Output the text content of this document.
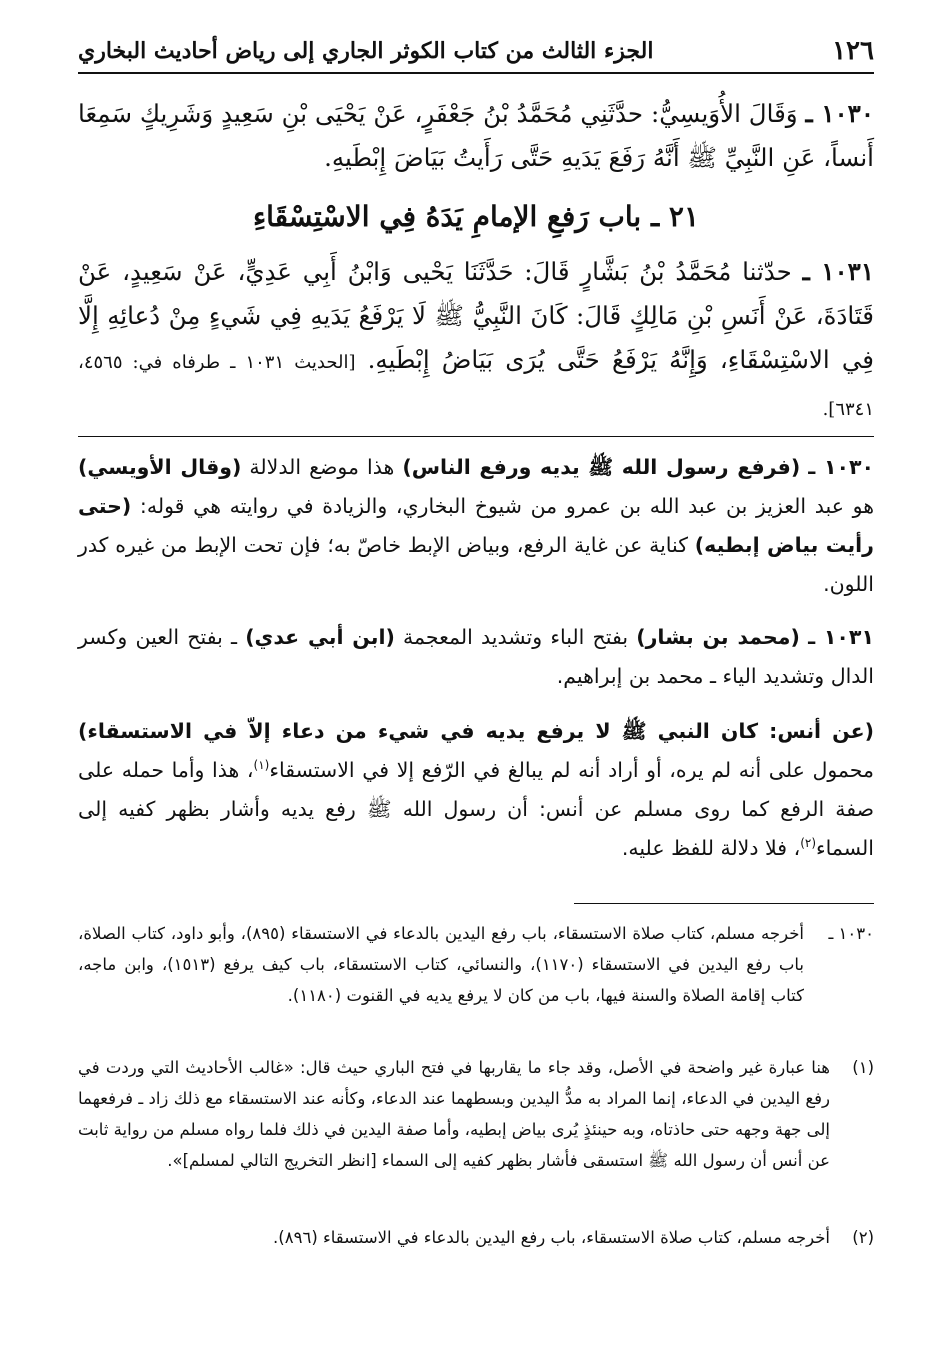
١٢٦
الجزء الثالث من كتاب الكوثر الجاري إلى رياض أحاديث البخاري
١٠٣٠ ـ وَقَالَ الأُوَيسِيُّ: حدَّثَنِي مُحَمَّدُ بْنُ جَعْفَرٍ، عَنْ يَحْيَى بْنِ سَعِيدٍ وَشَرِيكٍ سَمِعَا أَنساً، عَنِ النَّبِيِّ ﷺ أَنَّهُ رَفَعَ يَدَيهِ حَتَّى رَأَيتُ بَيَاضَ إِبْطَيهِ.
٢١ ـ باب رَفعِ الإمامِ يَدَهُ فِي الاسْتِسْقَاءِ
١٠٣١ ـ حدّثنا مُحَمَّدُ بْنُ بَشَّارٍ قَالَ: حَدَّثَنَا يَحْيى وَابْنُ أَبِي عَدِيٍّ، عَنْ سَعِيدٍ، عَنْ قَتَادَةَ، عَنْ أَنَسِ بْنِ مَالِكٍ قَالَ: كَانَ النَّبِيُّ ﷺ لَا يَرْفَعُ يَدَيهِ فِي شَيءٍ مِنْ دُعائِهِ إِلَّا فِي الاسْتِسْقَاءِ، وَإِنَّهُ يَرْفَعُ حَتَّى يُرَى بَيَاضُ إِبْطَيهِ. [الحديث ١٠٣١ ـ طرفاه في: ٤٥٦٥، ٦٣٤١].
١٠٣٠ ـ (فرفع رسول الله ﷺ يديه ورفع الناس) هذا موضع الدلالة (وقال الأويسي) هو عبد العزيز بن عبد الله بن عمرو من شيوخ البخاري، والزيادة في روايته هي قوله: (حتى رأيت بياض إبطيه) كناية عن غاية الرفع، وبياض الإبط خاصّ به؛ فإن تحت الإبط من غيره كدر اللون.
١٠٣١ ـ (محمد بن بشار) بفتح الباء وتشديد المعجمة (ابن أبي عدي) ـ بفتح العين وكسر الدال وتشديد الياء ـ محمد بن إبراهيم.
(عن أنس: كان النبي ﷺ لا يرفع يديه في شيء من دعاء إلاّ في الاستسقاء) محمول على أنه لم يره، أو أراد أنه لم يبالغ في الرّفع إلا في الاستسقاء$^{(١)}$، هذا وأما حمله على صفة الرفع كما روى مسلم عن أنس: أن رسول الله ﷺ رفع يديه وأشار بظهر كفيه إلى السماء$^{(٢)}$، فلا دلالة للفظ عليه.
١٠٣٠ ـ
أخرجه مسلم، كتاب صلاة الاستسقاء، باب رفع اليدين بالدعاء في الاستسقاء (٨٩٥)، وأبو داود، كتاب الصلاة، باب رفع اليدين في الاستسقاء (١١٧٠)، والنسائي، كتاب الاستسقاء، باب كيف يرفع (١٥١٣)، وابن ماجه، كتاب إقامة الصلاة والسنة فيها، باب من كان لا يرفع يديه في القنوت (١١٨٠).
(١)
هنا عبارة غير واضحة في الأصل، وقد جاء ما يقاربها في فتح الباري حيث قال: «غالب الأحاديث التي وردت في رفع اليدين في الدعاء، إنما المراد به مدُّ اليدين وبسطهما عند الدعاء، وكأنه عند الاستسقاء مع ذلك زاد ـ فرفعهما إلى جهة وجهه حتى حاذتاه، وبه حينئذٍ يُرى بياض إبطيه، وأما صفة اليدين في ذلك فلما رواه مسلم من رواية ثابت عن أنس أن رسول الله ﷺ استسقى فأشار بظهر كفيه إلى السماء [انظر التخريج التالي لمسلم]».
(٢)
أخرجه مسلم، كتاب صلاة الاستسقاء، باب رفع اليدين بالدعاء في الاستسقاء (٨٩٦).
